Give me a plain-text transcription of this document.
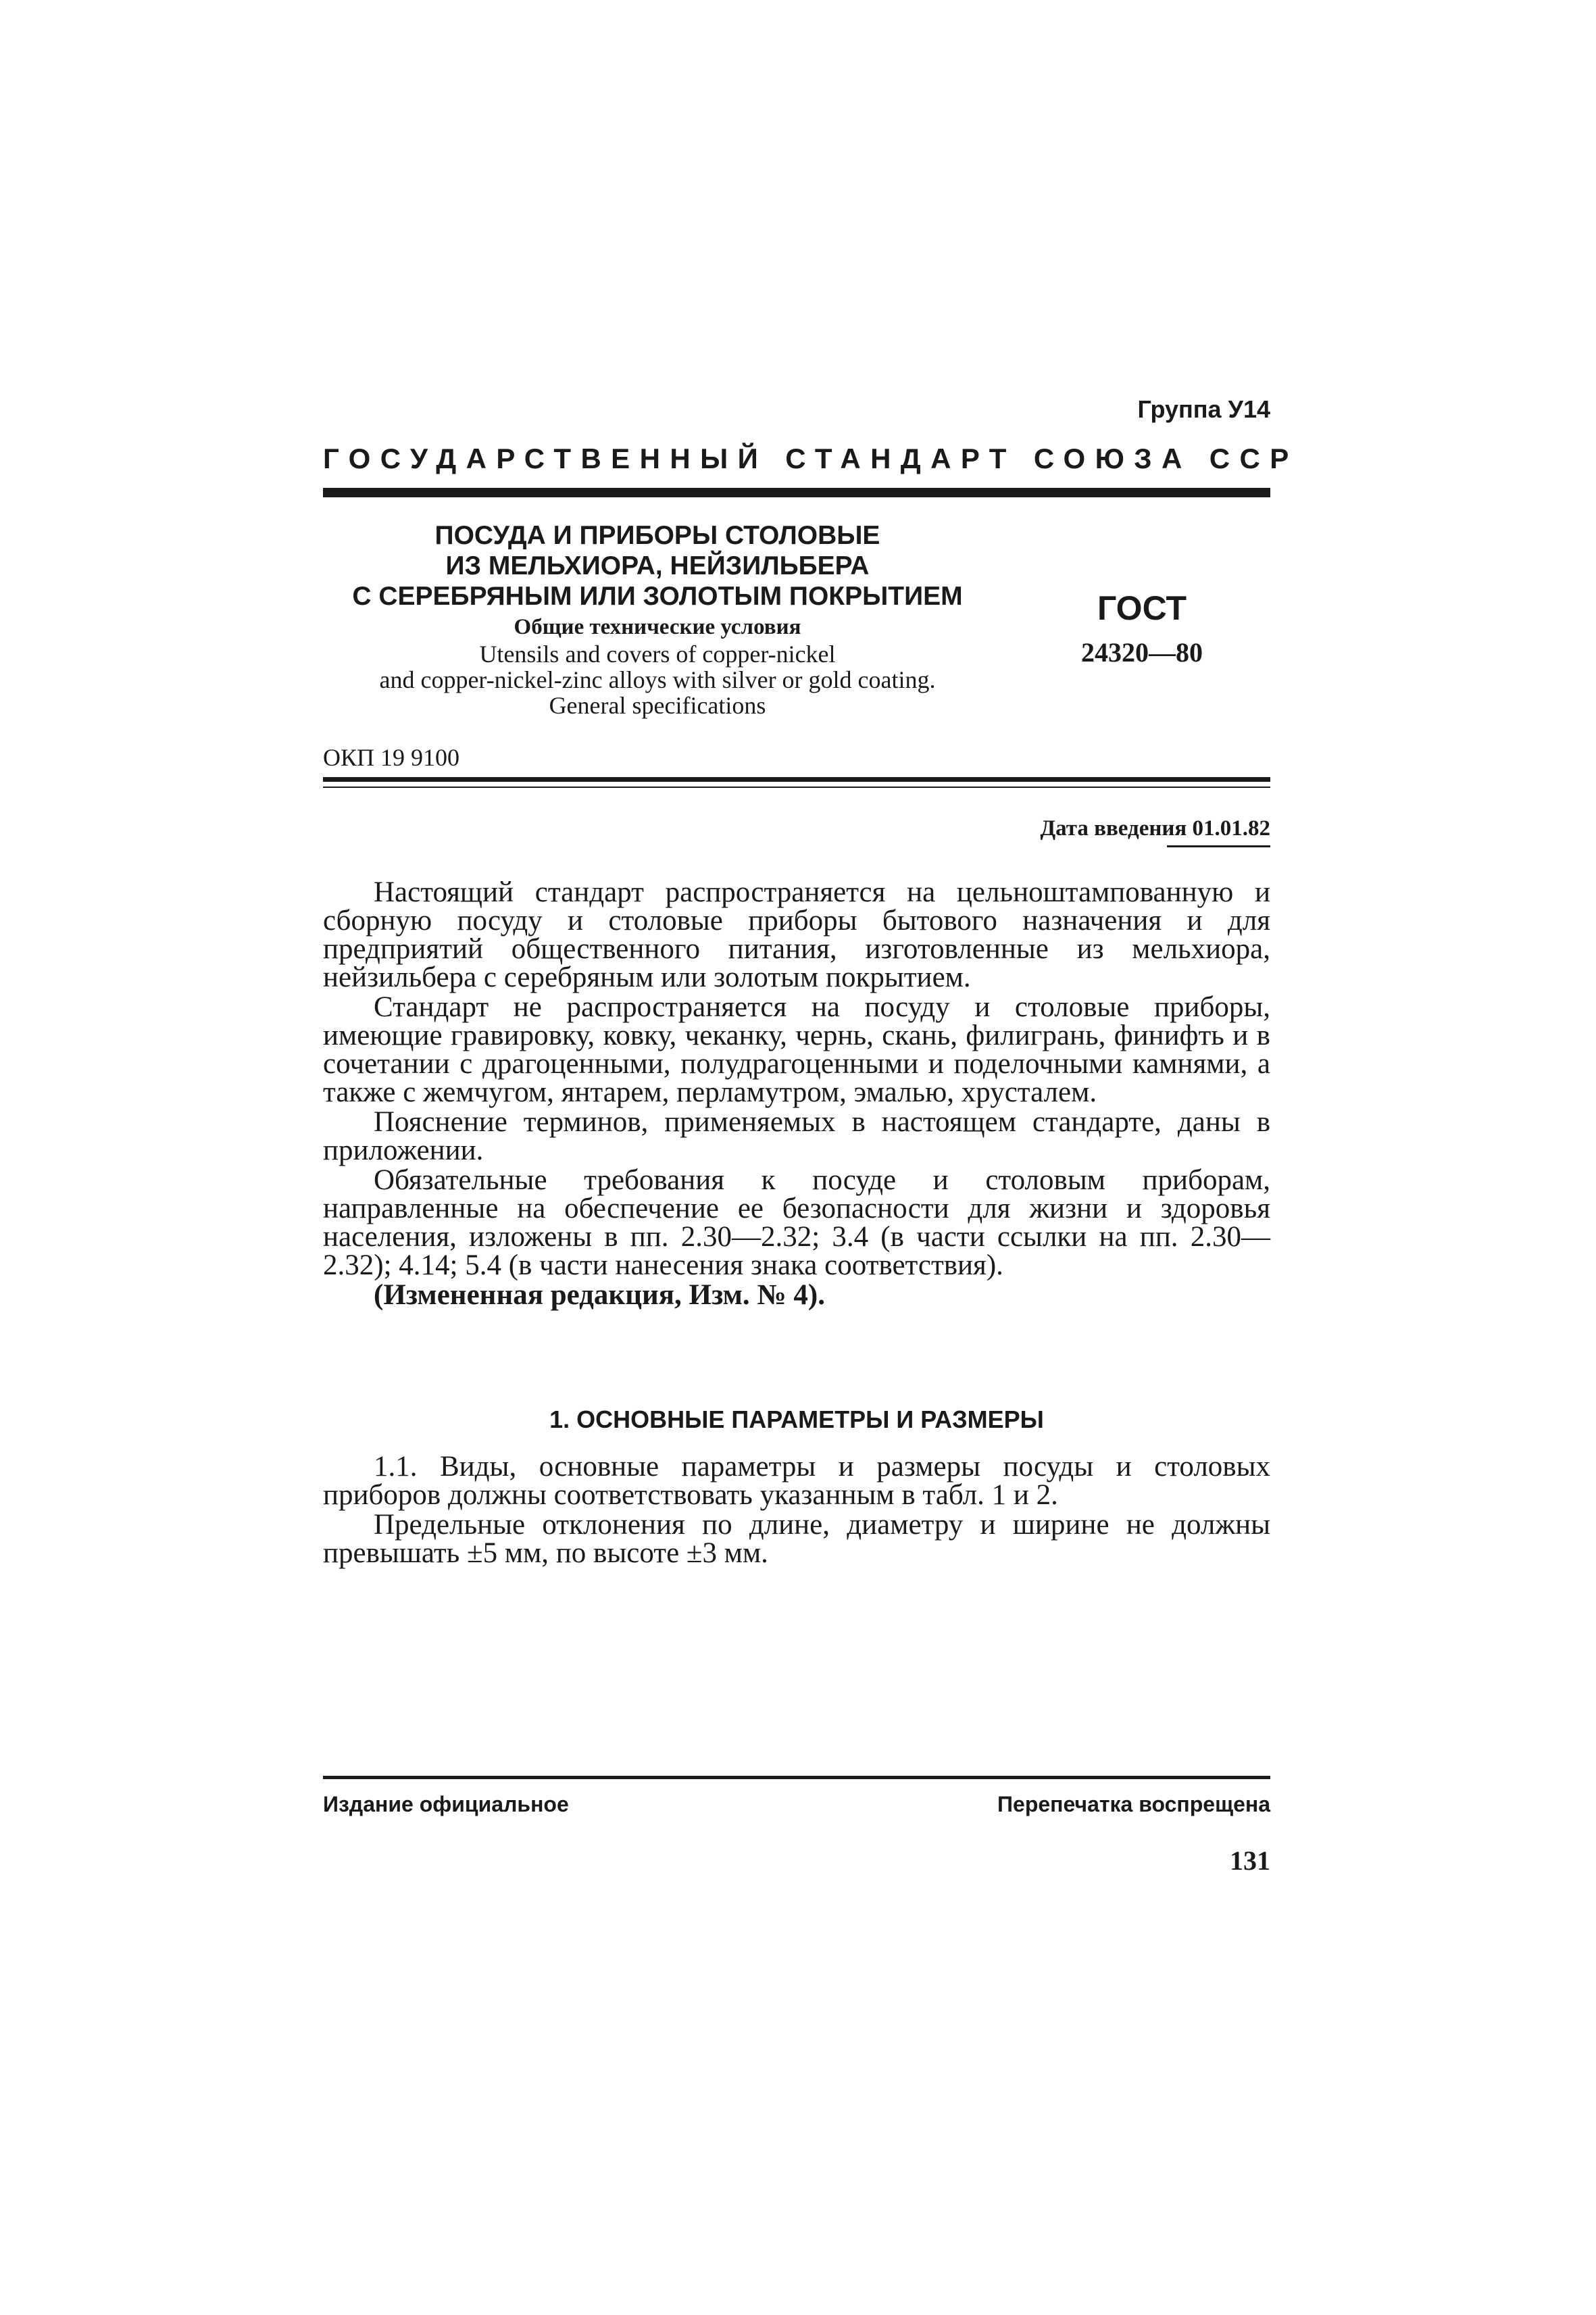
Группа У14
ГОСУДАРСТВЕННЫЙ СТАНДАРТ СОЮЗА ССР
ПОСУДА И ПРИБОРЫ СТОЛОВЫЕ
ИЗ МЕЛЬХИОРА, НЕЙЗИЛЬБЕРА
С СЕРЕБРЯНЫМ ИЛИ ЗОЛОТЫМ ПОКРЫТИЕМ
Общие технические условия
Utensils and covers of copper-nickel
and copper-nickel-zinc alloys with silver or gold coating.
General specifications
ГОСТ
24320—80
ОКП 19 9100
Дата введения 01.01.82

Настоящий стандарт распространяется на цельноштампованную и сборную посуду и столовые приборы бытового назначения и для предприятий общественного питания, изготовленные из мельхиора, нейзильбера с серебряным или золотым покрытием.

Стандарт не распространяется на посуду и столовые приборы, имеющие гравировку, ковку, чеканку, чернь, скань, филигрань, финифть и в сочетании с драгоценными, полудрагоценными и поделочными камнями, а также с жемчугом, янтарем, перламутром, эмалью, хрусталем.

Пояснение терминов, применяемых в настоящем стандарте, даны в приложении.

Обязательные требования к посуде и столовым приборам, направленные на обеспечение ее безопасности для жизни и здоровья населения, изложены в пп. 2.30—2.32; 3.4 (в части ссылки на пп. 2.30—2.32); 4.14; 5.4 (в части нанесения знака соответствия).

(Измененная редакция, Изм. № 4).

1. ОСНОВНЫЕ ПАРАМЕТРЫ И РАЗМЕРЫ

1.1. Виды, основные параметры и размеры посуды и столовых приборов должны соответствовать указанным в табл. 1 и 2.

Предельные отклонения по длине, диаметру и ширине не должны превышать ±5 мм, по высоте ±3 мм.

Издание официальное	Перепечатка воспрещена
131
